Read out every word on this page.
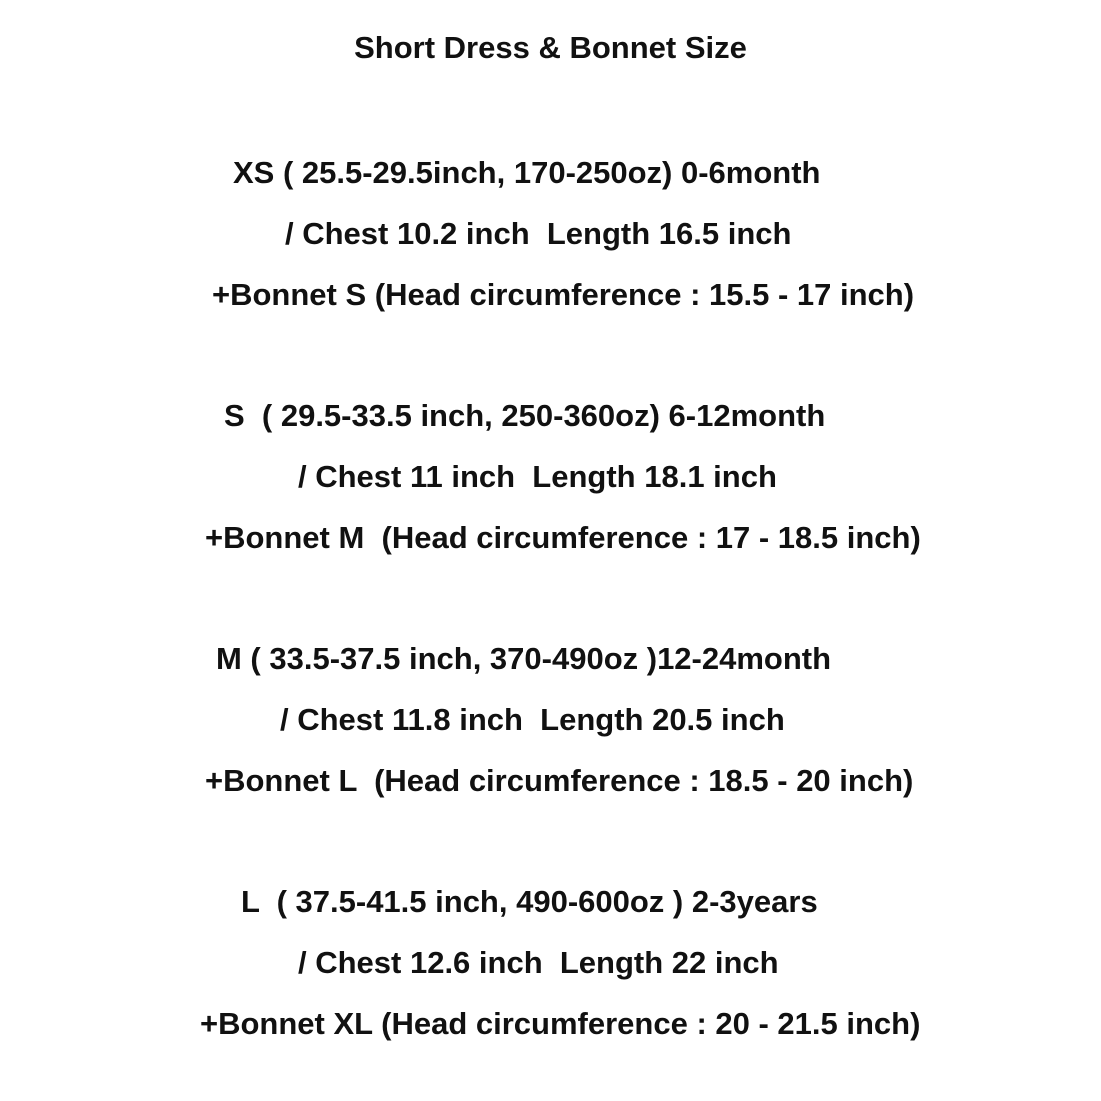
Short Dress & Bonnet Size
XS ( 25.5-29.5inch, 170-250oz) 0-6month
/ Chest 10.2 inch  Length 16.5 inch
+Bonnet S (Head circumference : 15.5 - 17 inch)
S  ( 29.5-33.5 inch, 250-360oz) 6-12month
/ Chest 11 inch  Length 18.1 inch
+Bonnet M  (Head circumference : 17 - 18.5 inch)
M ( 33.5-37.5 inch, 370-490oz )12-24month
/ Chest 11.8 inch  Length 20.5 inch
+Bonnet L  (Head circumference : 18.5 - 20 inch)
L  ( 37.5-41.5 inch, 490-600oz ) 2-3years
/ Chest 12.6 inch  Length 22 inch
+Bonnet XL (Head circumference : 20 - 21.5 inch)
